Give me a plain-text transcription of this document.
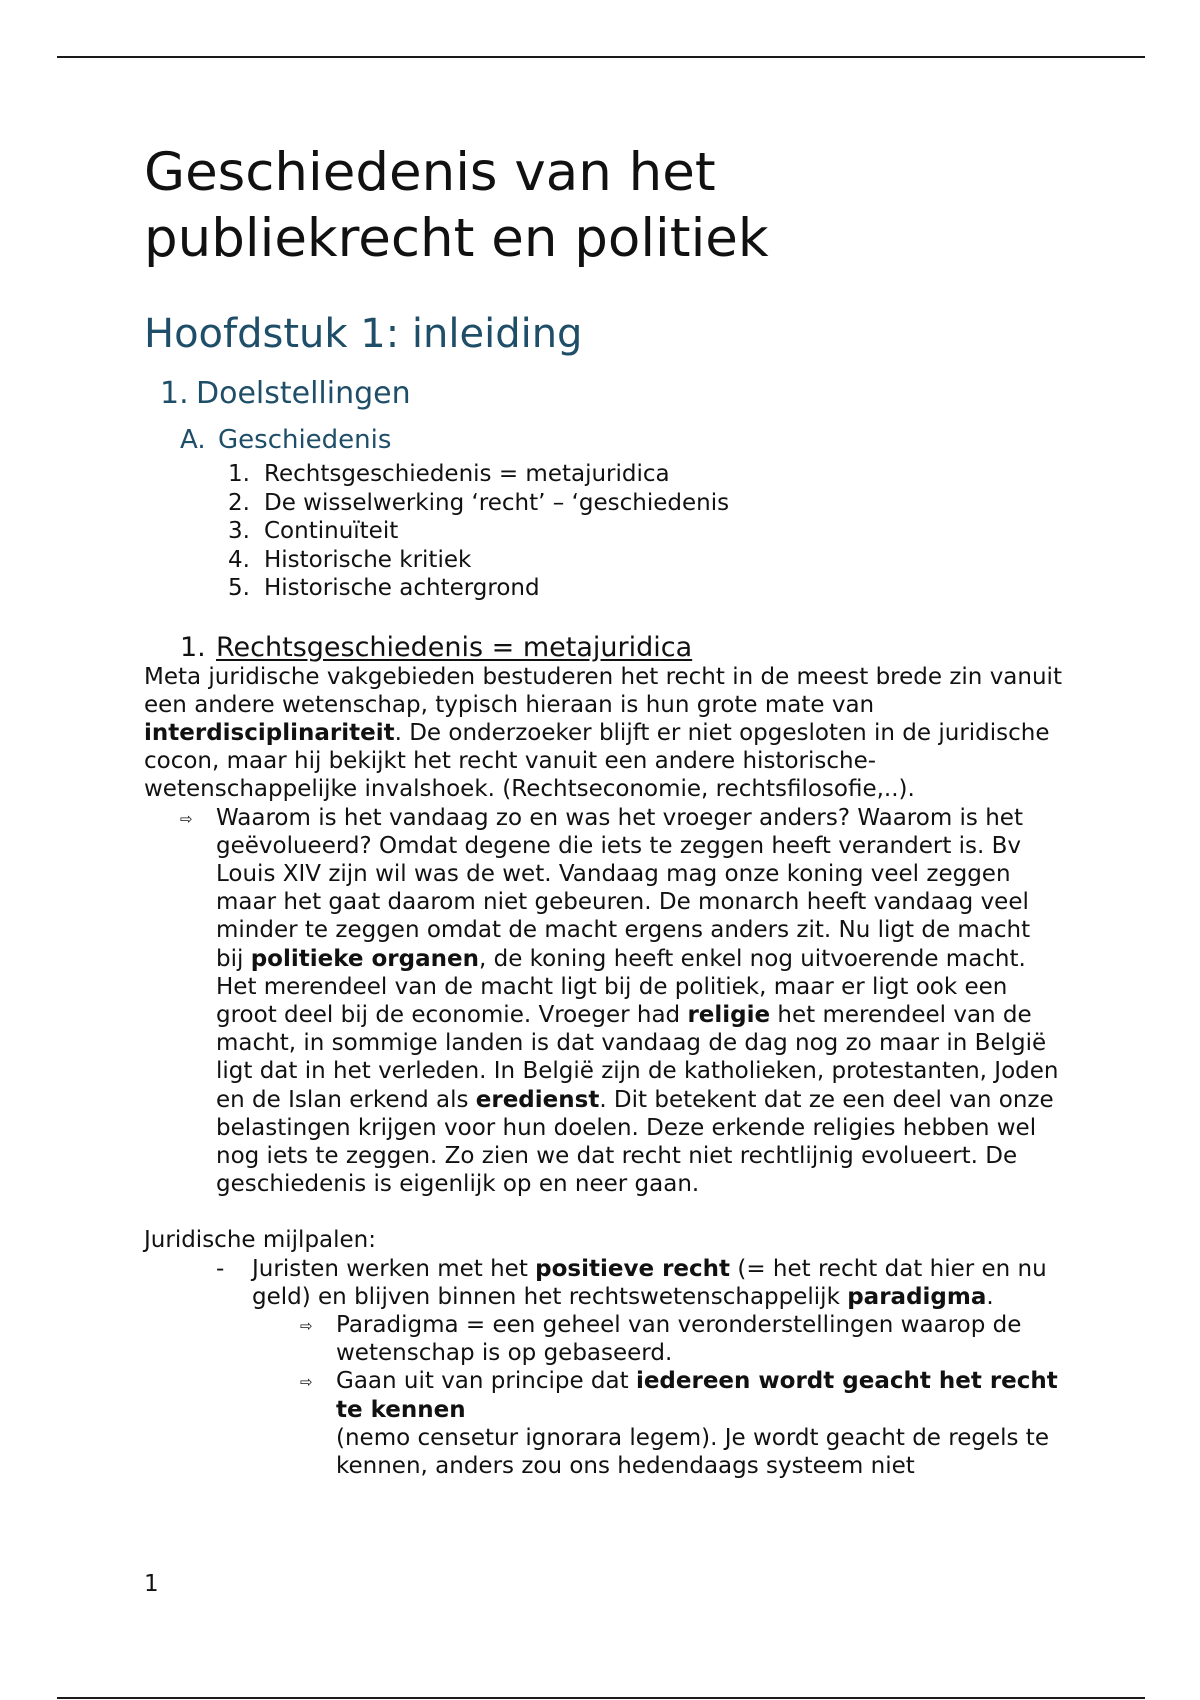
Geschiedenis van het publiekrecht en politiek
Hoofdstuk 1: inleiding
1. Doelstellingen
A. Geschiedenis
1. Rechtsgeschiedenis = metajuridica
2. De wisselwerking ‘recht’ – ‘geschiedenis
3. Continuïteit
4. Historische kritiek
5. Historische achtergrond
1. Rechtsgeschiedenis = metajuridica

Meta juridische vakgebieden bestuderen het recht in de meest brede zin vanuit een andere wetenschap, typisch hieraan is hun grote mate van interdisciplinariteit. De onderzoeker blijft er niet opgesloten in de juridische cocon, maar hij bekijkt het recht vanuit een andere historische-wetenschappelijke invalshoek. (Rechtseconomie, rechtsfilosofie,..).

⇨	Waarom is het vandaag zo en was het vroeger anders? Waarom is het geëvolueerd? Omdat degene die iets te zeggen heeft verandert is. Bv Louis XIV zijn wil was de wet. Vandaag mag onze koning veel zeggen maar het gaat daarom niet gebeuren. De monarch heeft vandaag veel minder te zeggen omdat de macht ergens anders zit. Nu ligt de macht bij politieke organen, de koning heeft enkel nog uitvoerende macht. Het merendeel van de macht ligt bij de politiek, maar er ligt ook een groot deel bij de economie. Vroeger had religie het merendeel van de macht, in sommige landen is dat vandaag de dag nog zo maar in België ligt dat in het verleden. In België zijn de katholieken, protestanten, Joden en de Islan erkend als eredienst. Dit betekent dat ze een deel van onze belastingen krijgen voor hun doelen. Deze erkende religies hebben wel nog iets te zeggen. Zo zien we dat recht niet rechtlijnig evolueert. De geschiedenis is eigenlijk op en neer gaan.

Juridische mijlpalen:

-	Juristen werken met het positieve recht (= het recht dat hier en nu geld) en blijven binnen het rechtswetenschappelijk paradigma.
⇨	Paradigma = een geheel van veronderstellingen waarop de wetenschap is op gebaseerd.
⇨	Gaan uit van principe dat iedereen wordt geacht het recht te kennen
(nemo censetur ignorara legem). Je wordt geacht de regels te kennen, anders zou ons hedendaags systeem niet
1
